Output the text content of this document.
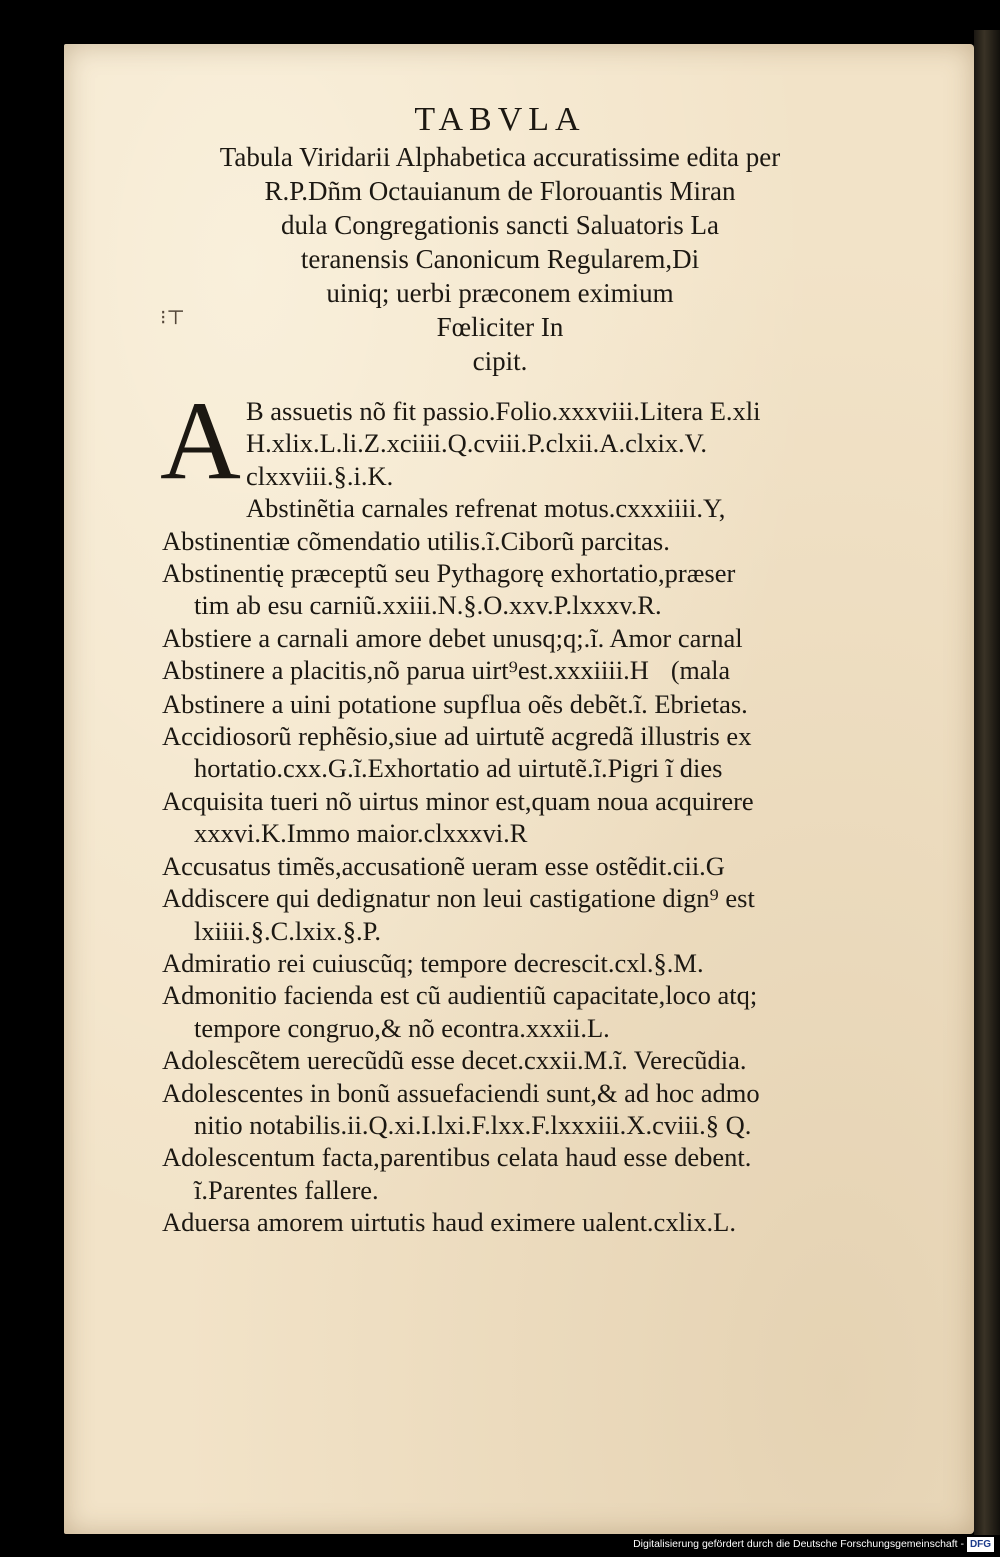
TABVLA

Tabula Viridarii Alphabetica accuratissime edita per
R.P.Dñm Octauianum de Florouantis Miran
dula Congregationis sancti Saluatoris La
teranensis Canonicum Regularem,Di
uiniq; uerbi præconem eximium
Fœliciter In
cipit.

⁝⊤
A B assuetis nõ fit passio.Folio.xxxviii.Litera E.xli
H.xlix.L.li.Z.xciiii.Q.cviii.P.clxii.A.clxix.V.
clxxviii.§.i.K.
Abstinẽtia carnales refrenat motus.cxxxiiii.Y,
Abstinentiæ cõmendatio utilis.ĩ.Ciborũ parcitas.
Abstinentię præceptũ seu Pythagorę exhortatio,præser
tim ab esu carniũ.xxiii.N.§.O.xxv.P.lxxxv.R.
Abstiere a carnali amore debet unusq;q;.ĩ. Amor carnal
Abstinere a placitis,nõ parua uirt⁹est.xxxiiii.H (mala
Abstinere a uini potatione supflua oẽs debẽt.ĩ. Ebrietas.
Accidiosorũ rephẽsio,siue ad uirtutẽ acgredã illustris ex
hortatio.cxx.G.ĩ.Exhortatio ad uirtutẽ.ĩ.Pigri ĩ dies
Acquisita tueri nõ uirtus minor est,quam noua acquirere
xxxvi.K.Immo maior.clxxxvi.R
Accusatus timẽs,accusationẽ ueram esse ostẽdit.cii.G
Addiscere qui dedignatur non leui castigatione dign⁹ est
lxiiii.§.C.lxix.§.P.
Admiratio rei cuiuscũq; tempore decrescit.cxl.§.M.
Admonitio facienda est cũ audientiũ capacitate,loco atq;
tempore congruo,& nõ econtra.xxxii.L.
Adolescẽtem uerecũdũ esse decet.cxxii.M.ĩ. Verecũdia.
Adolescentes in bonũ assuefaciendi sunt,& ad hoc admo
nitio notabilis.ii.Q.xi.I.lxi.F.lxx.F.lxxxiii.X.cviii.§ Q.
Adolescentum facta,parentibus celata haud esse debent.
ĩ.Parentes fallere.
Aduersa amorem uirtutis haud eximere ualent.cxlix.L.
Digitalisierung gefördert durch die Deutsche Forschungsgemeinschaft - DFG
